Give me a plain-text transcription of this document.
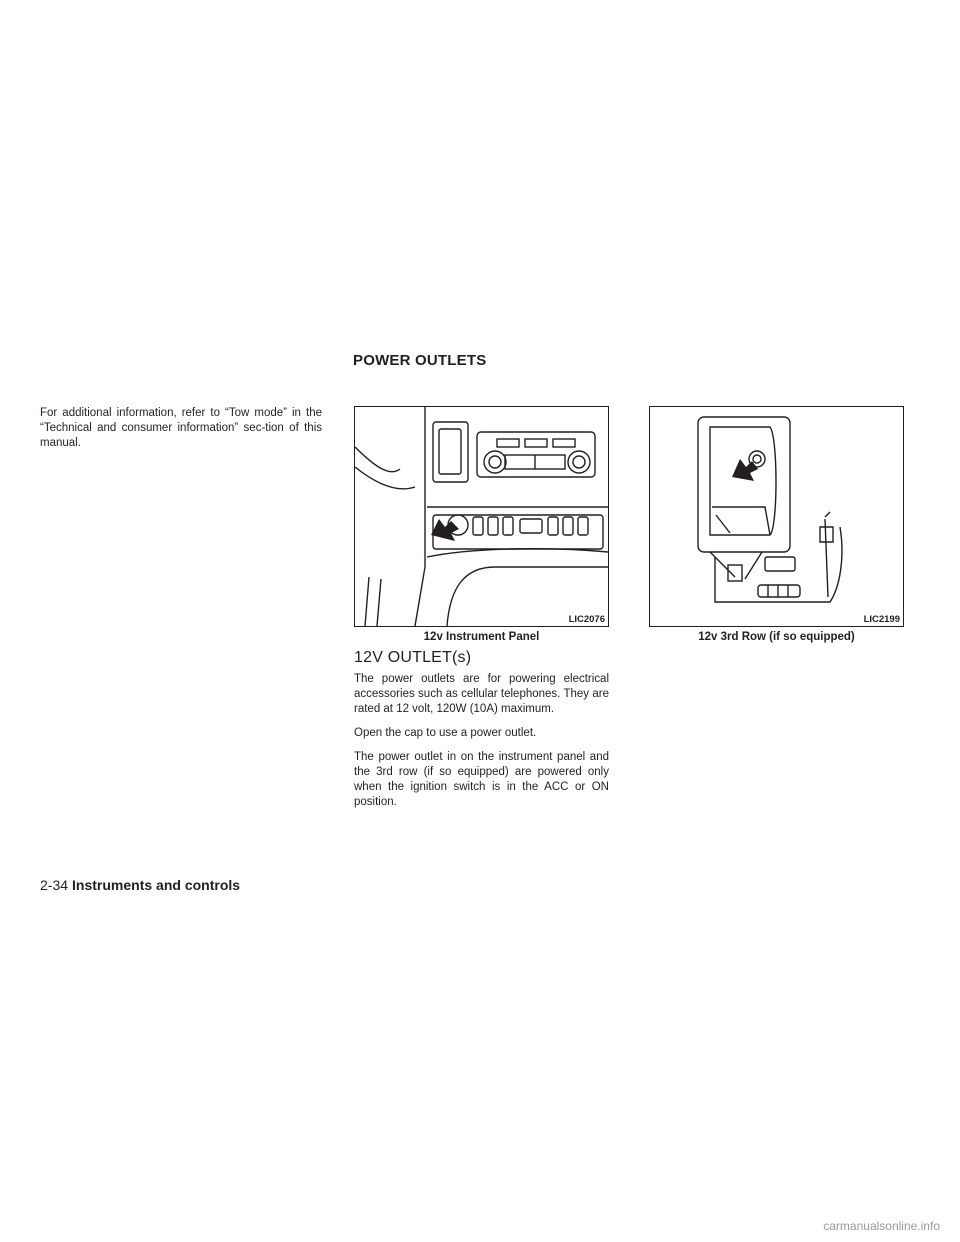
POWER OUTLETS

For additional information, refer to “Tow mode” in the “Technical and consumer information” sec-tion of this manual.

LIC2076
12v Instrument Panel
LIC2199
12v 3rd Row (if so equipped)
12V OUTLET(s)

The power outlets are for powering electrical accessories such as cellular telephones. They are rated at 12 volt, 120W (10A) maximum.

Open the cap to use a power outlet.

The power outlet in on the instrument panel and the 3rd row (if so equipped) are powered only when the ignition switch is in the ACC or ON position.

2-34 Instruments and controls
carmanualsonline.info
